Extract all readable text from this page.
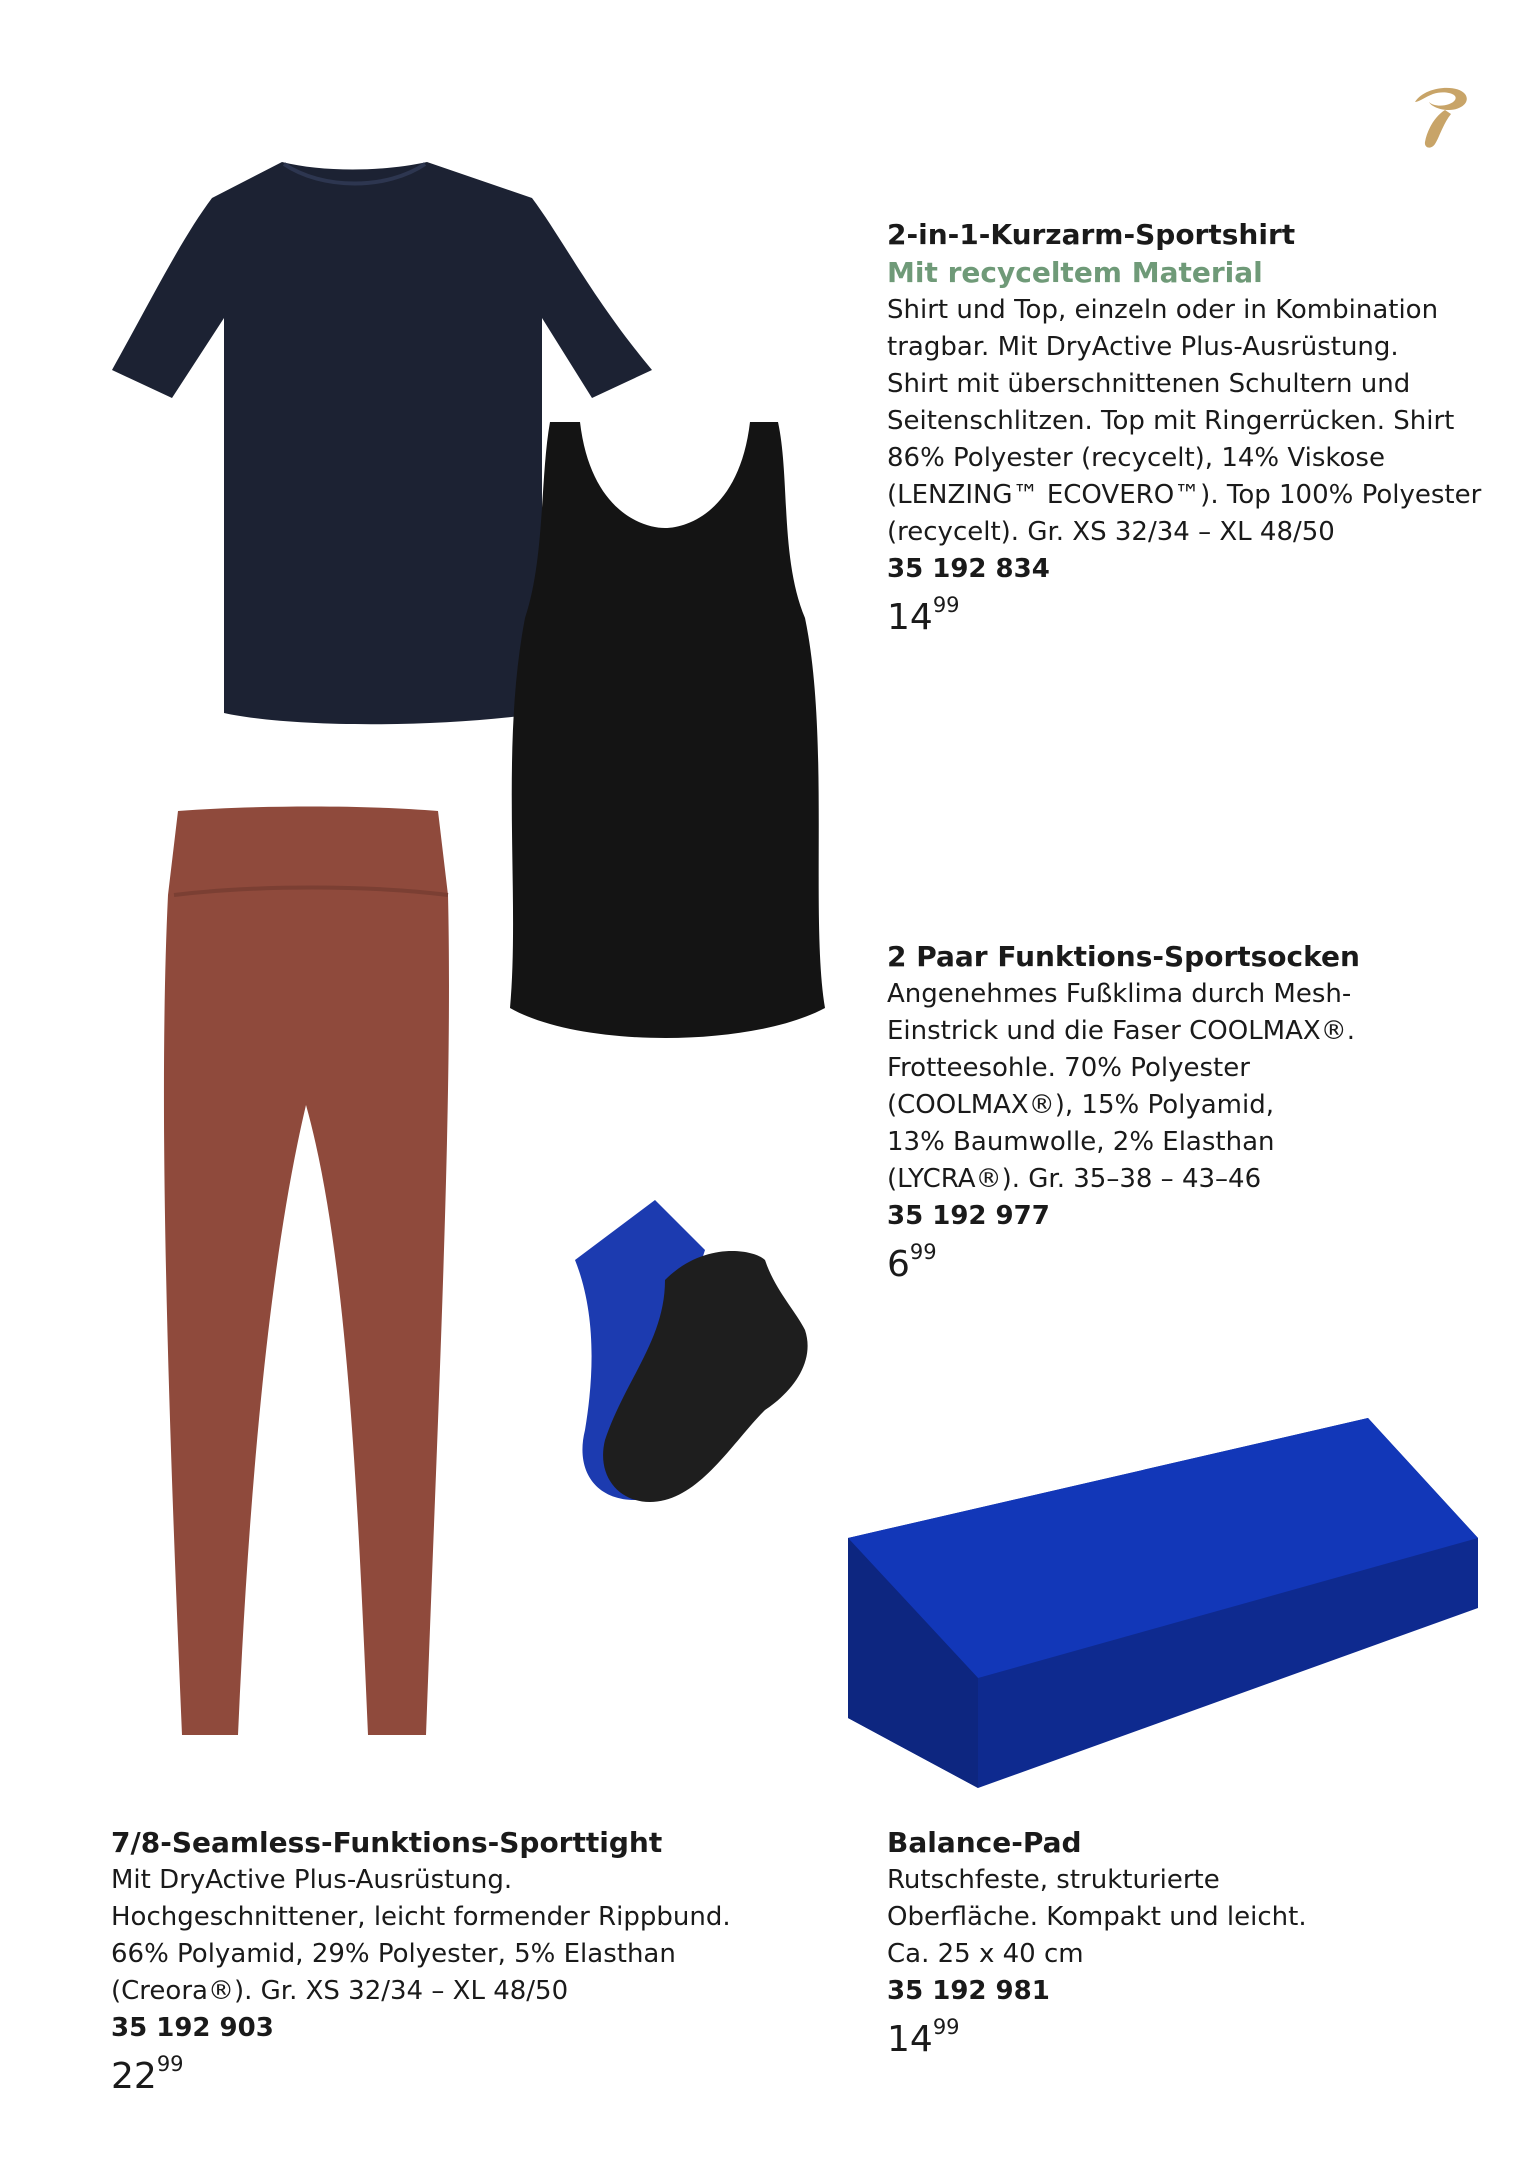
2-in-1-Kurzarm-Sportshirt

Mit recyceltem Material

Shirt und Top, einzeln oder in Kombination
tragbar. Mit DryActive Plus-Ausrüstung.
Shirt mit überschnittenen Schultern und
Seitenschlitzen. Top mit Ringerrücken. Shirt
86% Polyester (recycelt), 14% Viskose
(LENZING™ ECOVERO™). Top 100% Polyester
(recycelt). Gr. XS 32/34 – XL 48/50

35 192 834

$14^{99}$

2 Paar Funktions-Sportsocken

Angenehmes Fußklima durch Mesh-
Einstrick und die Faser COOLMAX®.
Frotteesohle. 70% Polyester
(COOLMAX®), 15% Polyamid,
13% Baumwolle, 2% Elasthan
(LYCRA®). Gr. 35–38 – 43–46

35 192 977

$6^{99}$

7/8-Seamless-Funktions-Sporttight

Mit DryActive Plus-Ausrüstung.
Hochgeschnittener, leicht formender Rippbund.
66% Polyamid, 29% Polyester, 5% Elasthan
(Creora®). Gr. XS 32/34 – XL 48/50

35 192 903

$22^{99}$

Balance-Pad

Rutschfeste, strukturierte
Oberfläche. Kompakt und leicht.
Ca. 25 x 40 cm

35 192 981

$14^{99}$
